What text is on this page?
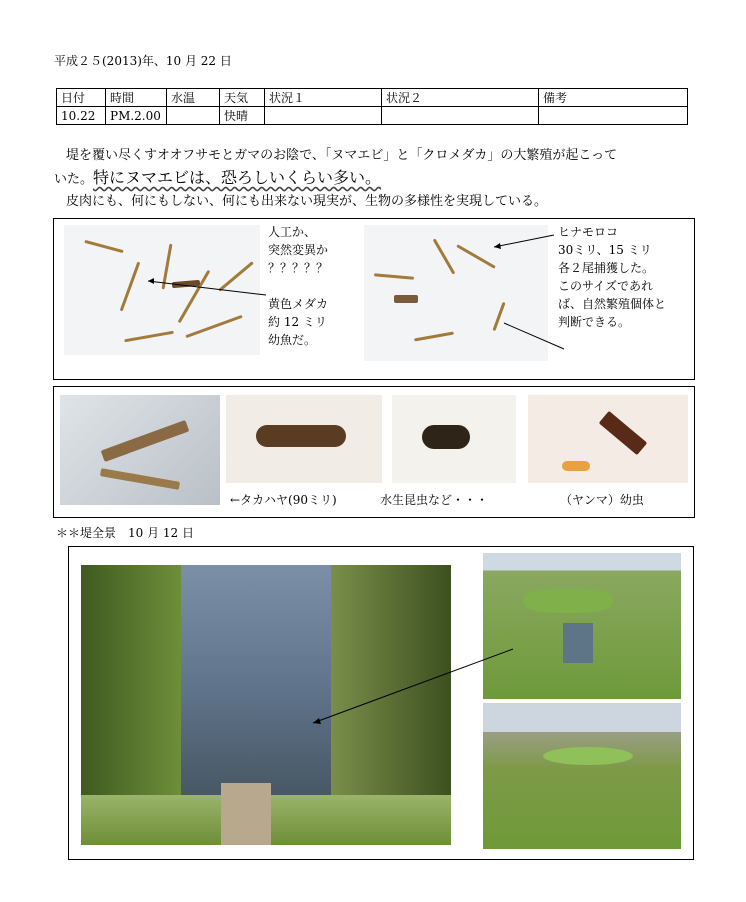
平成２５(2013)年、10 月 22 日
日付	時間	水温	天気	状況１	状況２	備考
10.22	PM.2.00		快晴			
堤を覆い尽くすオオフサモとガマのお陰で、「ヌマエビ」と「クロメダカ」の大繁殖が起こって
いた。特にヌマエビは、恐ろしいくらい多い。
皮肉にも、何にもしない、何にも出来ない現実が、生物の多様性を実現している。
人工か、
突然変異か
？？？？？
黄色メダカ
約 12 ミリ
幼魚だ。
ヒナモロコ
30ミリ、15 ミリ
各２尾捕獲した。
このサイズであれ
ば、自然繁殖個体と
判断できる。
←タカハヤ(90ミリ)	水生昆虫など・・・	（ヤンマ）幼虫
＊＊堤全景　10 月 12 日
